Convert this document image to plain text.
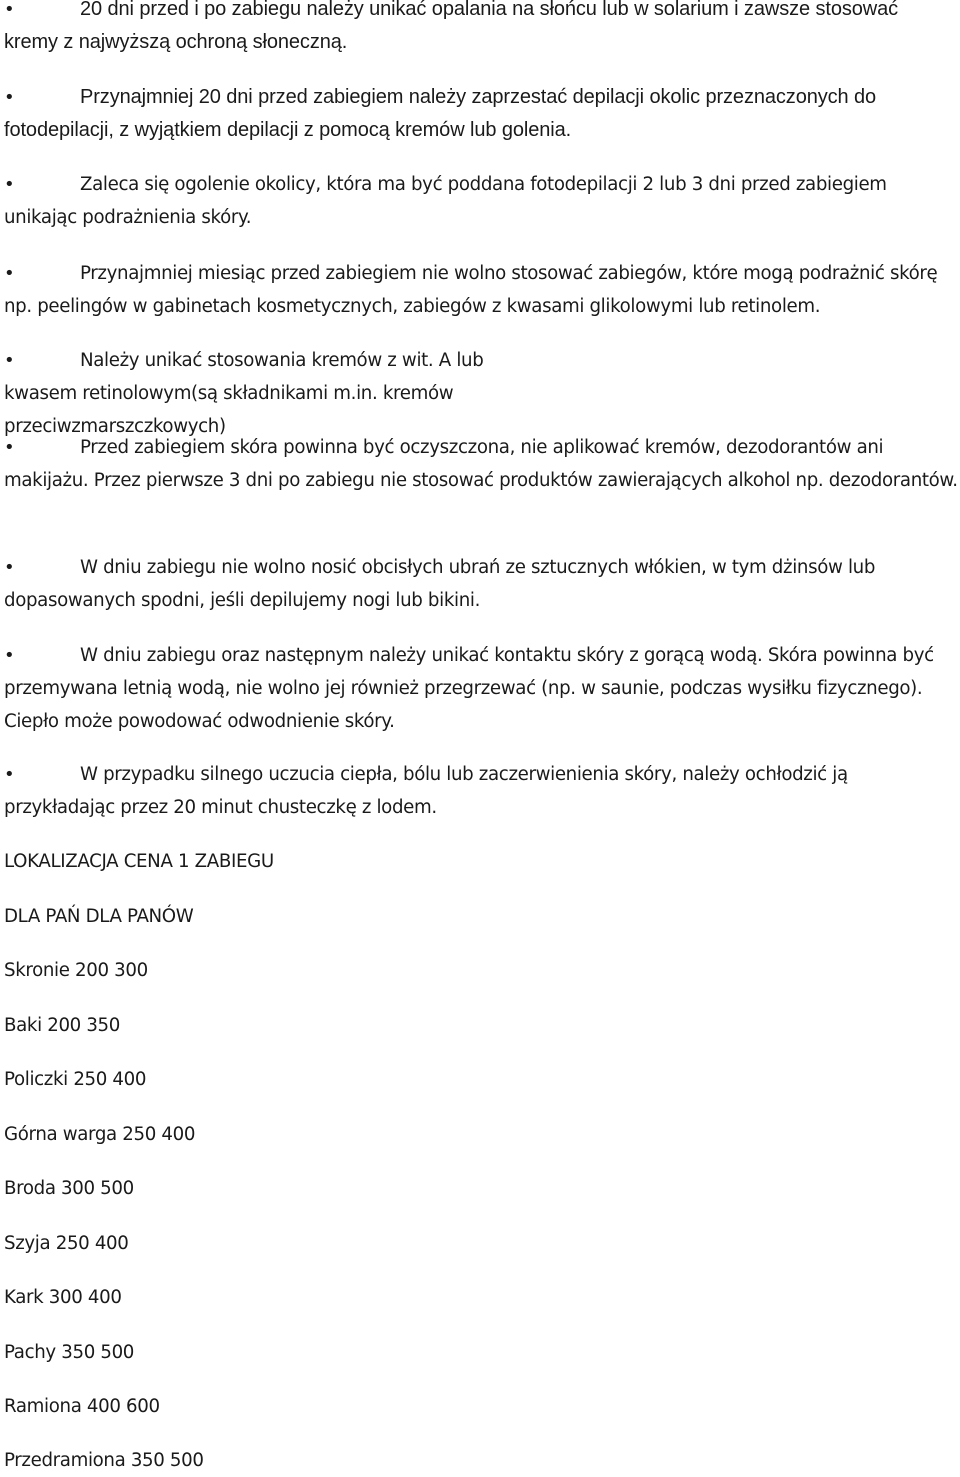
•	20 dni przed i po zabiegu należy unikać opalania na słońcu lub w solarium i zawsze stosować kremy z najwyższą ochroną słoneczną.

•	Przynajmniej 20 dni przed zabiegiem należy zaprzestać depilacji okolic przeznaczonych do fotodepilacji, z wyjątkiem depilacji z pomocą kremów lub golenia.

•	Zaleca się ogolenie okolicy, która ma być poddana fotodepilacji 2 lub 3 dni przed zabiegiem unikając podrażnienia skóry.

•	Przynajmniej miesiąc przed zabiegiem nie wolno stosować zabiegów, które mogą podrażnić skórę np. peelingów w gabinetach kosmetycznych, zabiegów z kwasami glikolowymi lub retinolem.

•	Należy unikać stosowania kremów z wit. A lub kwasem retinolowym(są składnikami m.in. kremów przeciwzmarszczkowych)

•	Przed zabiegiem skóra powinna być oczyszczona, nie aplikować kremów, dezodorantów ani makijażu. Przez pierwsze 3 dni po zabiegu nie stosować produktów zawierających alkohol np. dezodorantów.

•	W dniu zabiegu nie wolno nosić obcisłych ubrań ze sztucznych włókien, w tym dżinsów lub dopasowanych spodni, jeśli depilujemy nogi lub bikini.

•	W dniu zabiegu oraz następnym należy unikać kontaktu skóry z gorącą wodą. Skóra powinna być przemywana letnią wodą, nie wolno jej również przegrzewać (np. w saunie, podczas wysiłku fizycznego). Ciepło może powodować odwodnienie skóry.

•	W przypadku silnego uczucia ciepła, bólu lub zaczerwienienia skóry, należy ochłodzić ją przykładając przez 20 minut chusteczkę z lodem.

LOKALIZACJA CENA 1 ZABIEGU

DLA PAŃ DLA PANÓW

Skronie 200 300

Baki 200 350

Policzki 250 400

Górna warga 250 400

Broda 300 500

Szyja 250 400

Kark 300 400

Pachy 350 500

Ramiona 400 600

Przedramiona 350 500
